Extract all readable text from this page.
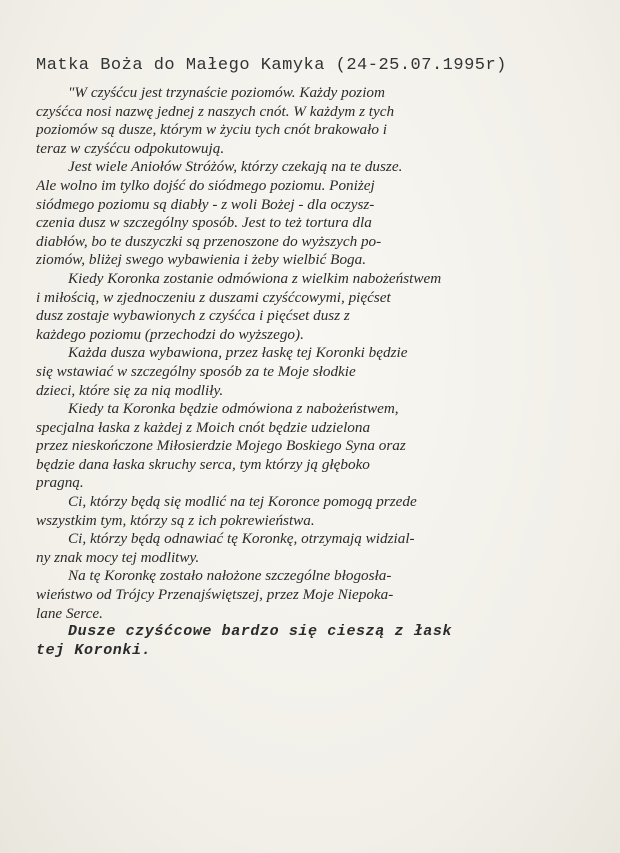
Matka Boża do Małego Kamyka (24-25.07.1995r)

"W czyśćcu jest trzynaście poziomów. Każdy poziom
czyśćca nosi nazwę jednej z naszych cnót. W każdym z tych
poziomów są dusze, którym w życiu tych cnót brakowało i
teraz w czyśćcu odpokutowują.

Jest wiele Aniołów Stróżów, którzy czekają na te dusze.
Ale wolno im tylko dojść do siódmego poziomu. Poniżej
siódmego poziomu są diabły - z woli Bożej - dla oczysz-
czenia dusz w szczególny sposób. Jest to też tortura dla
diabłów, bo te duszyczki są przenoszone do wyższych po-
ziomów, bliżej swego wybawienia i żeby wielbić Boga.

Kiedy Koronka zostanie odmówiona z wielkim nabożeństwem
i miłością, w zjednoczeniu z duszami czyśćcowymi, pięćset
dusz zostaje wybawionych z czyśćca i pięćset dusz z
każdego poziomu (przechodzi do wyższego).

Każda dusza wybawiona, przez łaskę tej Koronki będzie
się wstawiać w szczególny sposób za te Moje słodkie
dzieci, które się za nią modliły.

Kiedy ta Koronka będzie odmówiona z nabożeństwem,
specjalna łaska z każdej z Moich cnót będzie udzielona
przez nieskończone Miłosierdzie Mojego Boskiego Syna oraz
będzie dana łaska skruchy serca, tym którzy ją głęboko
pragną.

Ci, którzy będą się modlić na tej Koronce pomogą przede
wszystkim tym, którzy są z ich pokrewieństwa.

Ci, którzy będą odnawiać tę Koronkę, otrzymają widzial-
ny znak mocy tej modlitwy.

Na tę Koronkę zostało nałożone szczególne błogosła-
wieństwo od Trójcy Przenajświętszej, przez Moje Niepoka-
lane Serce.

Dusze czyśćcowe bardzo się cieszą z łask
tej Koronki.
